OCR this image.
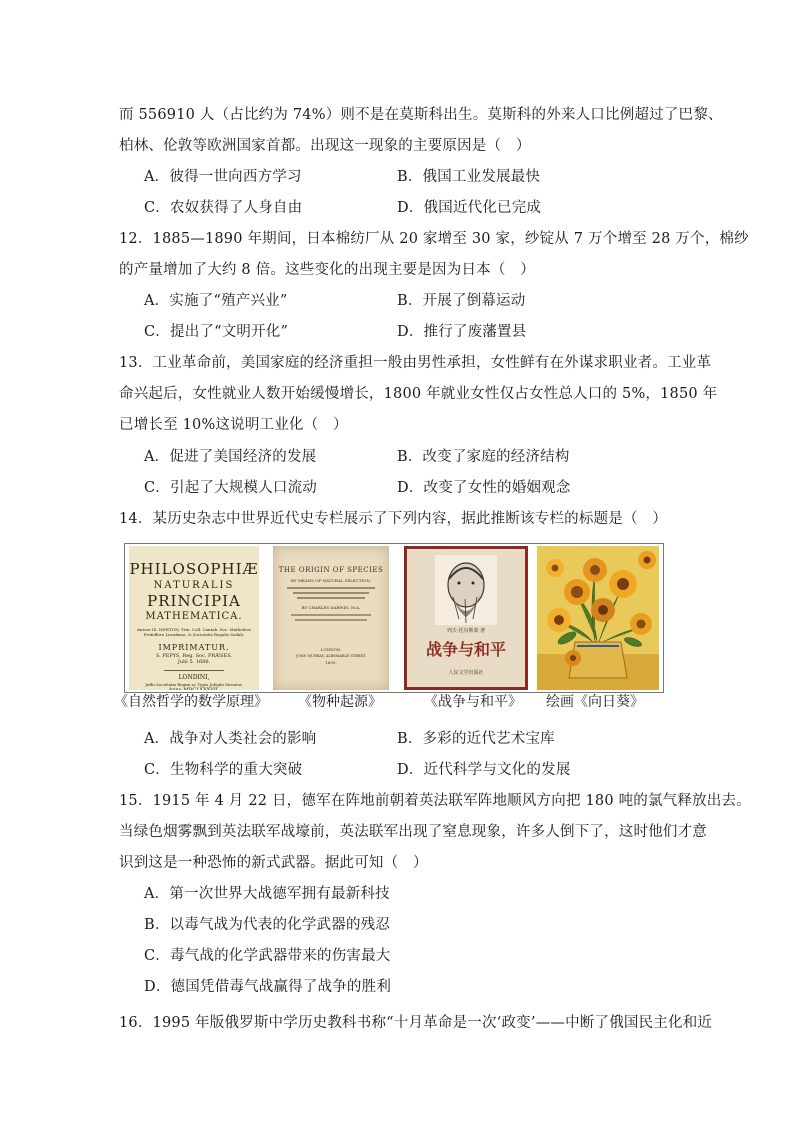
而 556910 人（占比约为 74%）则不是在莫斯科出生。莫斯科的外来人口比例超过了巴黎、
柏林、伦敦等欧洲国家首都。出现这一现象的主要原因是（　）
A．彼得一世向西方学习	B．俄国工业发展最快
C．农奴获得了人身自由	D．俄国近代化已完成
12．1885—1890 年期间，日本棉纺厂从 20 家增至 30 家，纱锭从 7 万个增至 28 万个，棉纱
的产量增加了大约 8 倍。这些变化的出现主要是因为日本（　）
A．实施了“殖产兴业”	B．开展了倒幕运动
C．提出了“文明开化”	D．推行了废藩置县
13．工业革命前，美国家庭的经济重担一般由男性承担，女性鲜有在外谋求职业者。工业革
命兴起后，女性就业人数开始缓慢增长，1800 年就业女性仅占女性总人口的 5%，1850 年
已增长至 10%这说明工业化（　）
A．促进了美国经济的发展	B．改变了家庭的经济结构
C．引起了大规模人口流动	D．改变了女性的婚姻观念
14．某历史杂志中世界近代史专栏展示了下列内容，据此推断该专栏的标题是（　）
PHILOSOPHIÆ
NATURALIS
PRINCIPIA
MATHEMATICA.
Autore IS. NEWTON, Trin. Coll. Cantab. Soc. Mathefeos
Profeffore Lucafiano, & Societatis Regalis Sodali.
IMPRIMATUR.
S. PEPYS, Reg. Soc. PRÆSES.
Julii 5. 1686.
LONDINI,
Juffu Societatis Regiæ ac Typis Jofephi Streater.
Anno MDCLXXXVII.
THE ORIGIN OF SPECIES
BY MEANS OF NATURAL SELECTION,
BY CHARLES DARWIN, M.A.
LONDON:
JOHN MURRAY, ALBEMARLE STREET.
1859.
列夫·托尔斯泰 著
战争与和平
人民文学出版社
《自然哲学的数学原理》 《物种起源》	《战争与和平》 绘画《向日葵》
A．战争对人类社会的影响	B．多彩的近代艺术宝库
C．生物科学的重大突破	D．近代科学与文化的发展
15．1915 年 4 月 22 日，德军在阵地前朝着英法联军阵地顺风方向把 180 吨的氯气释放出去。
当绿色烟雾飘到英法联军战壕前，英法联军出现了窒息现象，许多人倒下了，这时他们才意
识到这是一种恐怖的新式武器。据此可知（　）
A．第一次世界大战德军拥有最新科技
B．以毒气战为代表的化学武器的残忍
C．毒气战的化学武器带来的伤害最大
D．德国凭借毒气战赢得了战争的胜利
16．1995 年版俄罗斯中学历史教科书称“十月革命是一次‘政变’——中断了俄国民主化和近
